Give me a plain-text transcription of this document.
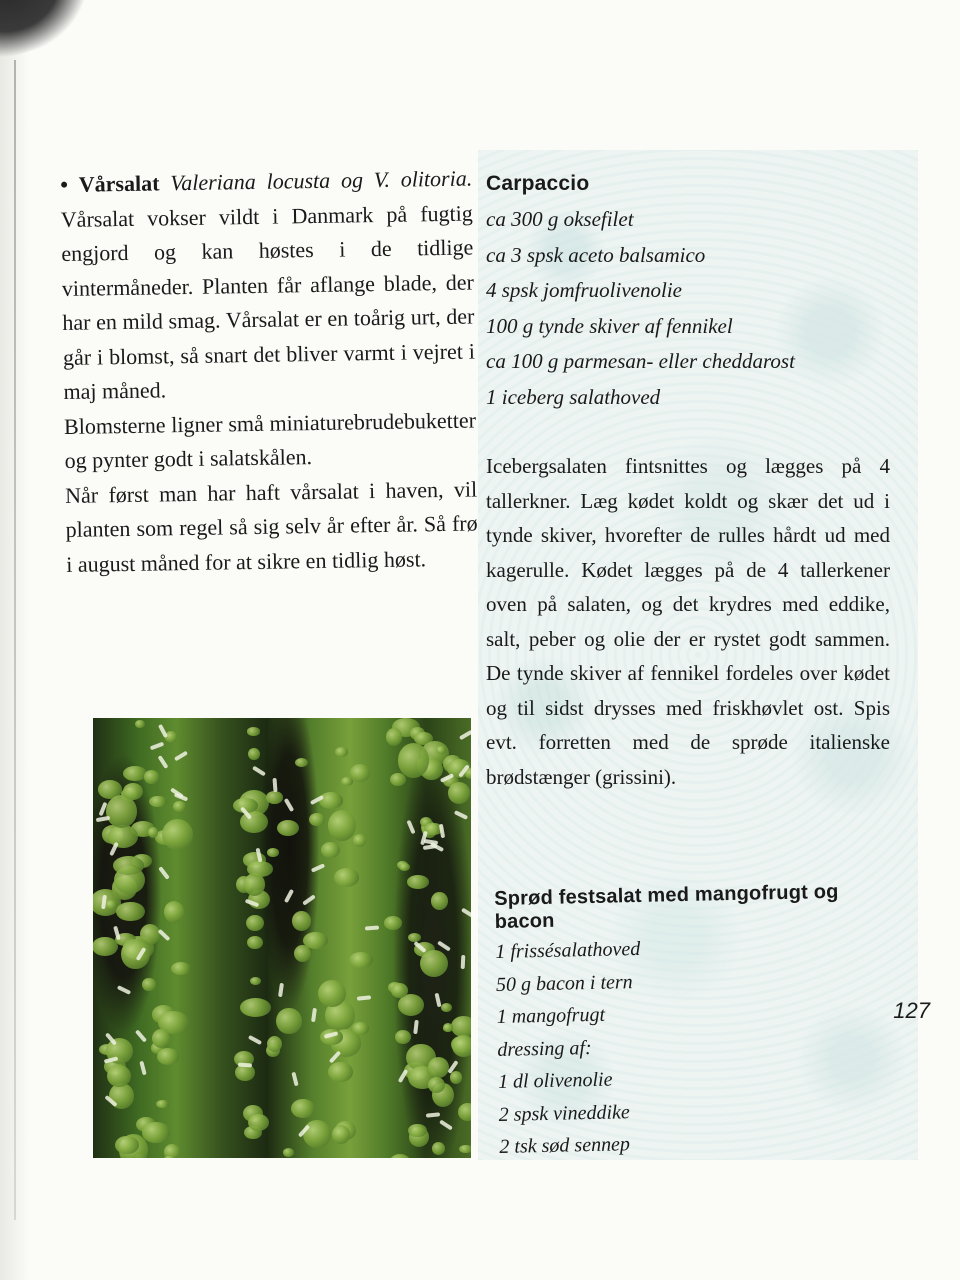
• Vårsalat Valeriana locusta og V. olitoria. Vårsalat vokser vildt i Danmark på fugtig engjord og kan høstes i de tidlige vintermåneder. Planten får aflange blade, der har en mild smag. Vårsalat er en toårig urt, der går i blomst, så snart det bliver varmt i vejret i maj måned.

Blomsterne ligner små miniaturebrudebuketter og pynter godt i salatskålen.

Når først man har haft vårsalat i haven, vil planten som regel så sig selv år efter år. Så frø i august måned for at sikre en tidlig høst.

Carpaccio
ca 300 g oksefilet
ca 3 spsk aceto balsamico
4 spsk jomfruolivenolie
100 g tynde skiver af fennikel
ca 100 g parmesan- eller cheddarost
1 iceberg salathoved

Icebergsalaten fintsnittes og lægges på 4 tallerkner. Læg kødet koldt og skær det ud i tynde skiver, hvorefter de rulles hårdt ud med kagerulle. Kødet lægges på de 4 tallerkener oven på salaten, og det krydres med eddike, salt, peber og olie der er rystet godt sammen. De tynde skiver af fennikel fordeles over kødet og til sidst drysses med friskhøvlet ost. Spis evt. forretten med de sprøde italienske brødstænger (grissini).

Sprød festsalat med mangofrugt og bacon
1 frissésalathoved
50 g bacon i tern
1 mangofrugt
dressing af:
1 dl olivenolie
2 spsk vineddike
2 tsk sød sennep
127
